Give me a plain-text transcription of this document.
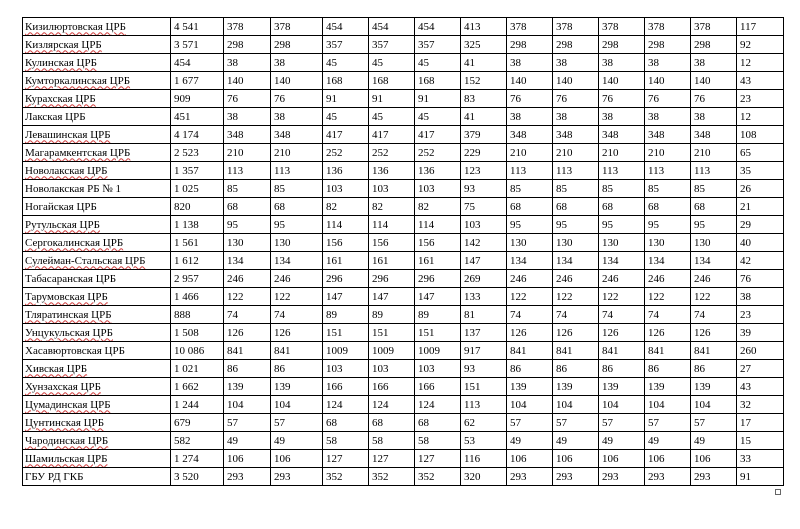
Кизилюртовская ЦРБ	4 541	378	378	454	454	454	413	378	378	378	378	378	117
Кизлярская ЦРБ	3 571	298	298	357	357	357	325	298	298	298	298	298	92
Кулинская ЦРБ	454	38	38	45	45	45	41	38	38	38	38	38	12
Кумторкалинская ЦРБ	1 677	140	140	168	168	168	152	140	140	140	140	140	43
Курахская ЦРБ	909	76	76	91	91	91	83	76	76	76	76	76	23
Лакская ЦРБ	451	38	38	45	45	45	41	38	38	38	38	38	12
Левашинская ЦРБ	4 174	348	348	417	417	417	379	348	348	348	348	348	108
Магарамкентская ЦРБ	2 523	210	210	252	252	252	229	210	210	210	210	210	65
Новолакская ЦРБ	1 357	113	113	136	136	136	123	113	113	113	113	113	35
Новолакская РБ № 1	1 025	85	85	103	103	103	93	85	85	85	85	85	26
Ногайская ЦРБ	820	68	68	82	82	82	75	68	68	68	68	68	21
Рутульская ЦРБ	1 138	95	95	114	114	114	103	95	95	95	95	95	29
Сергокалинская ЦРБ	1 561	130	130	156	156	156	142	130	130	130	130	130	40
Сулейман-Стальская ЦРБ	1 612	134	134	161	161	161	147	134	134	134	134	134	42
Табасаранская ЦРБ	2 957	246	246	296	296	296	269	246	246	246	246	246	76
Тарумовская ЦРБ	1 466	122	122	147	147	147	133	122	122	122	122	122	38
Тляратинская ЦРБ	888	74	74	89	89	89	81	74	74	74	74	74	23
Унцукульская ЦРБ	1 508	126	126	151	151	151	137	126	126	126	126	126	39
Хасавюртовская ЦРБ	10 086	841	841	1009	1009	1009	917	841	841	841	841	841	260
Хивская ЦРБ	1 021	86	86	103	103	103	93	86	86	86	86	86	27
Хунзахская ЦРБ	1 662	139	139	166	166	166	151	139	139	139	139	139	43
Цумадинская ЦРБ	1 244	104	104	124	124	124	113	104	104	104	104	104	32
Цунтинская ЦРБ	679	57	57	68	68	68	62	57	57	57	57	57	17
Чародинская ЦРБ	582	49	49	58	58	58	53	49	49	49	49	49	15
Шамильская ЦРБ	1 274	106	106	127	127	127	116	106	106	106	106	106	33
ГБУ РД ГКБ	3 520	293	293	352	352	352	320	293	293	293	293	293	91
